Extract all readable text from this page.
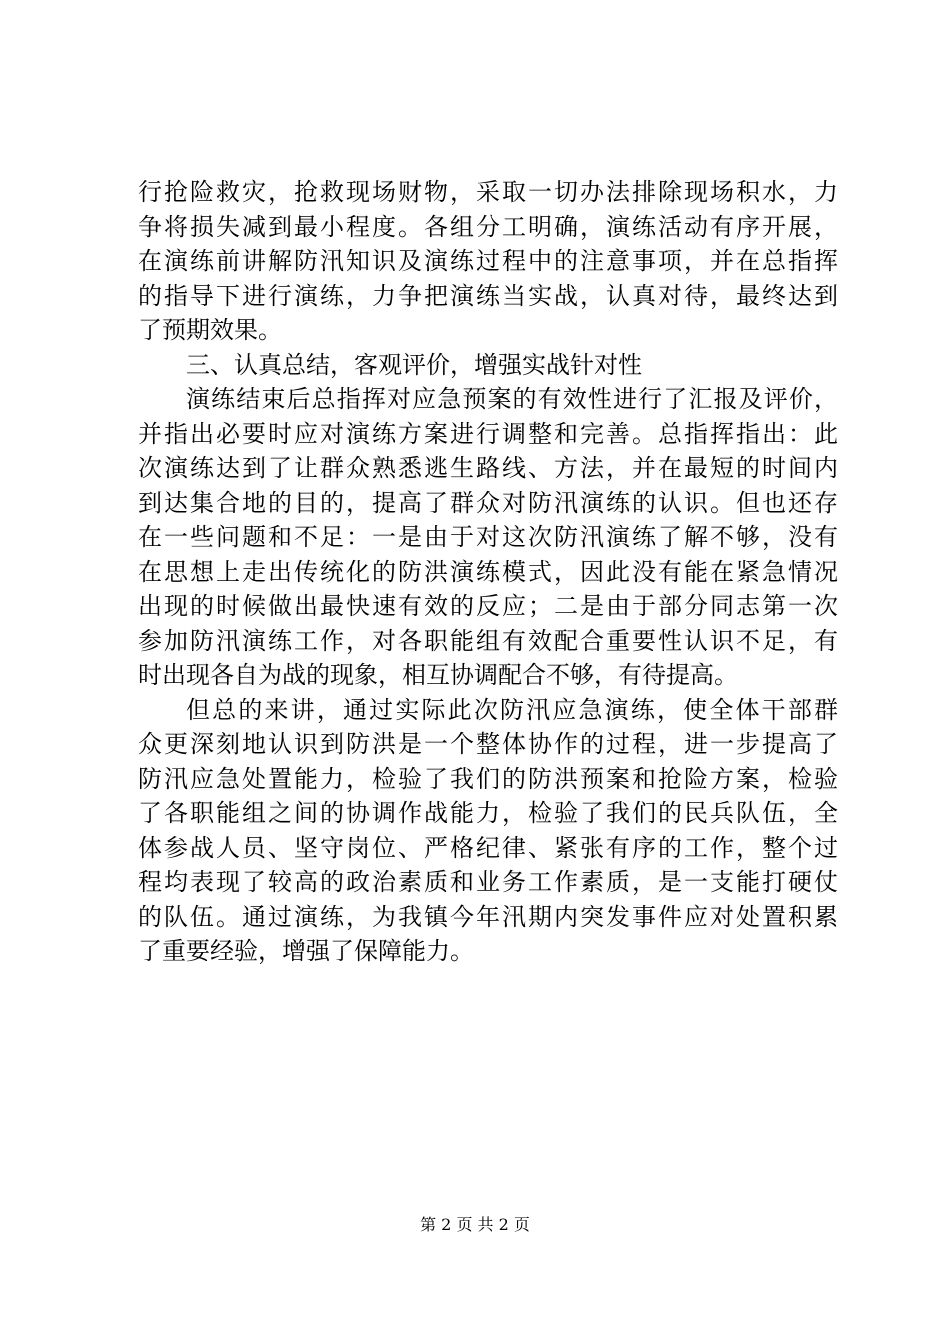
行抢险救灾，抢救现场财物，采取一切办法排除现场积水，力
争将损失减到最小程度。各组分工明确，演练活动有序开展，
在演练前讲解防汛知识及演练过程中的注意事项，并在总指挥
的指导下进行演练，力争把演练当实战，认真对待，最终达到
了预期效果。
三、认真总结，客观评价，增强实战针对性
演练结束后总指挥对应急预案的有效性进行了汇报及评价，
并指出必要时应对演练方案进行调整和完善。总指挥指出：此
次演练达到了让群众熟悉逃生路线、方法，并在最短的时间内
到达集合地的目的，提高了群众对防汛演练的认识。但也还存
在一些问题和不足：一是由于对这次防汛演练了解不够，没有
在思想上走出传统化的防洪演练模式，因此没有能在紧急情况
出现的时候做出最快速有效的反应；二是由于部分同志第一次
参加防汛演练工作，对各职能组有效配合重要性认识不足，有
时出现各自为战的现象，相互协调配合不够，有待提高。
但总的来讲，通过实际此次防汛应急演练，使全体干部群
众更深刻地认识到防洪是一个整体协作的过程，进一步提高了
防汛应急处置能力，检验了我们的防洪预案和抢险方案，检验
了各职能组之间的协调作战能力，检验了我们的民兵队伍，全
体参战人员、坚守岗位、严格纪律、紧张有序的工作，整个过
程均表现了较高的政治素质和业务工作素质，是一支能打硬仗
的队伍。通过演练，为我镇今年汛期内突发事件应对处置积累
了重要经验，增强了保障能力。
第 2 页 共 2 页
